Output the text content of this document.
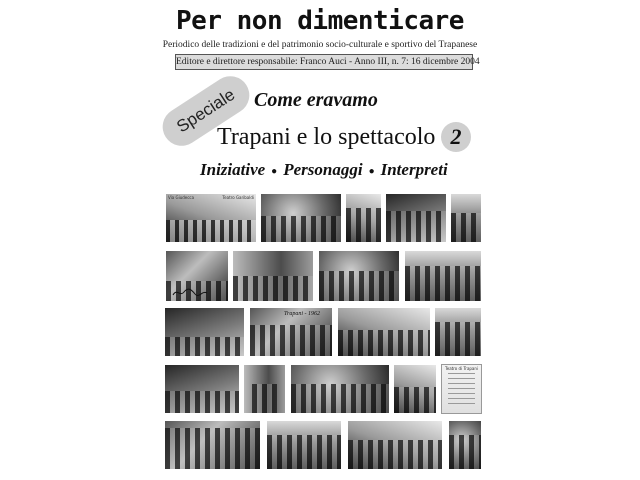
Per non dimenticare
Periodico delle tradizioni e del patrimonio socio-culturale e sportivo del Trapanese
Editore e direttore responsabile: Franco Auci - Anno III, n. 7: 16 dicembre 2004
Speciale Come eravamo
Trapani e lo spettacolo 2
Iniziative ● Personaggi ● Interpreti
Via Giudecca	Teatro Garibaldi
Trapani - 1962
Teatro di Trapani
